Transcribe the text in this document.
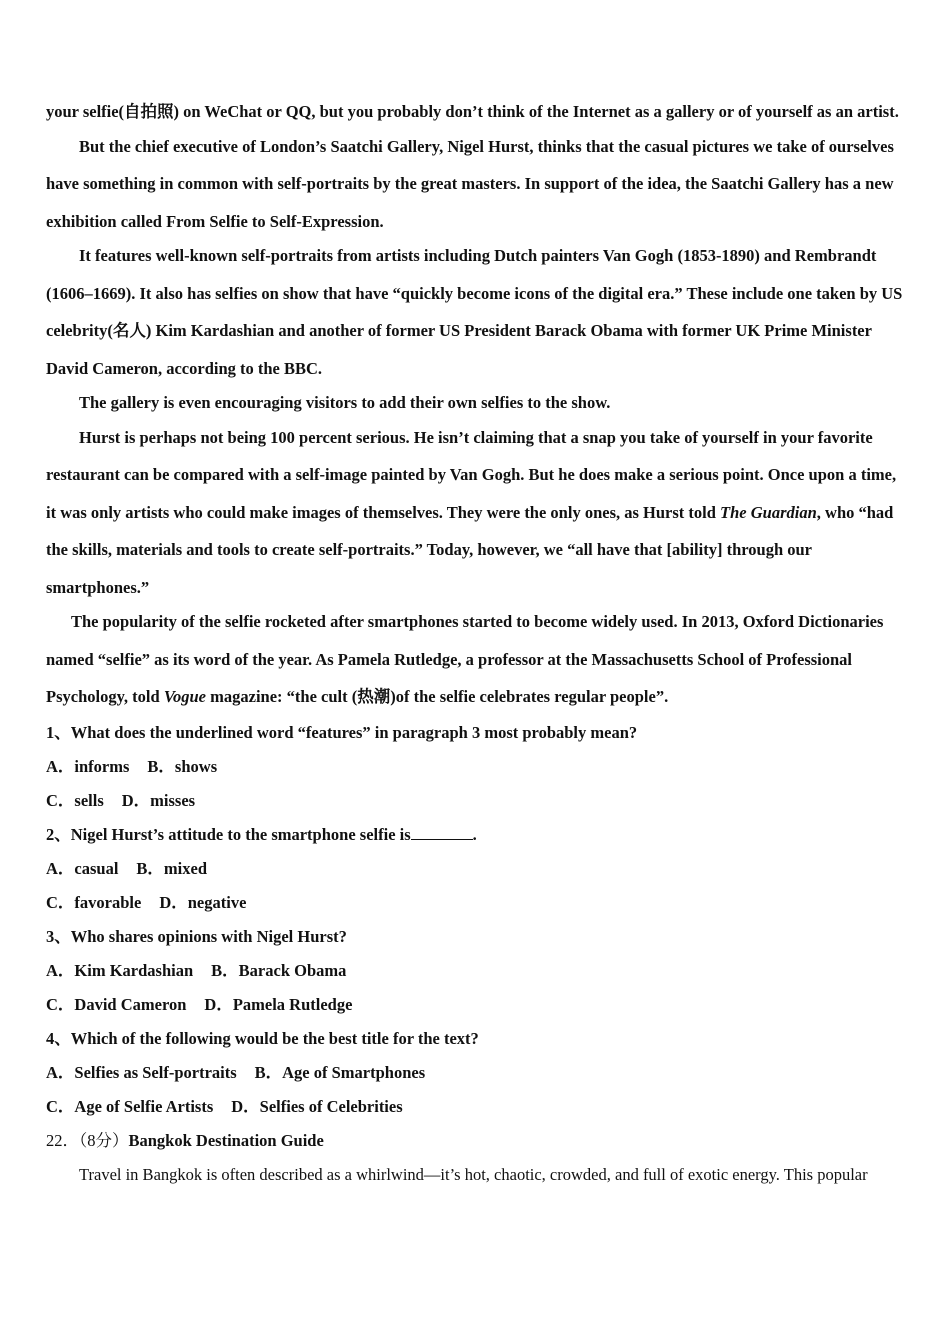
your selfie(自拍照) on WeChat or QQ, but you probably don’t think of the Internet as a gallery or of yourself as an artist.

But the chief executive of London’s Saatchi Gallery, Nigel Hurst, thinks that the casual pictures we take of ourselves have something in common with self-portraits by the great masters. In support of the idea, the Saatchi Gallery has a new exhibition called From Selfie to Self-Expression.

It features well-known self-portraits from artists including Dutch painters Van Gogh (1853-1890) and Rembrandt (1606–1669). It also has selfies on show that have “quickly become icons of the digital era.” These include one taken by US celebrity(名人) Kim Kardashian and another of former US President Barack Obama with former UK Prime Minister David Cameron, according to the BBC.

The gallery is even encouraging visitors to add their own selfies to the show.

Hurst is perhaps not being 100 percent serious. He isn’t claiming that a snap you take of yourself in your favorite restaurant can be compared with a self-image painted by Van Gogh. But he does make a serious point. Once upon a time, it was only artists who could make images of themselves. They were the only ones, as Hurst told The Guardian, who “had the skills, materials and tools to create self-portraits.” Today, however, we “all have that [ability] through our smartphones.”

The popularity of the selfie rocketed after smartphones started to become widely used. In 2013, Oxford Dictionaries named “selfie” as its word of the year. As Pamela Rutledge, a professor at the Massachusetts School of Professional Psychology, told Vogue magazine: “the cult (热潮)of the selfie celebrates regular people”.

1、What does the underlined word “features” in paragraph 3 most probably mean?

A．informs B．shows

C．sells D．misses

2、Nigel Hurst’s attitude to the smartphone selfie is	.

A．casual B．mixed

C．favorable D．negative

3、Who shares opinions with Nigel Hurst?

A．Kim Kardashian B．Barack Obama

C．David Cameron D．Pamela Rutledge

4、Which of the following would be the best title for the text?

A．Selfies as Self-portraits B．Age of Smartphones

C．Age of Selfie Artists D．Selfies of Celebrities

22．（8分）Bangkok Destination Guide

Travel in Bangkok is often described as a whirlwind—it’s hot, chaotic, crowded, and full of exotic energy. This popular
